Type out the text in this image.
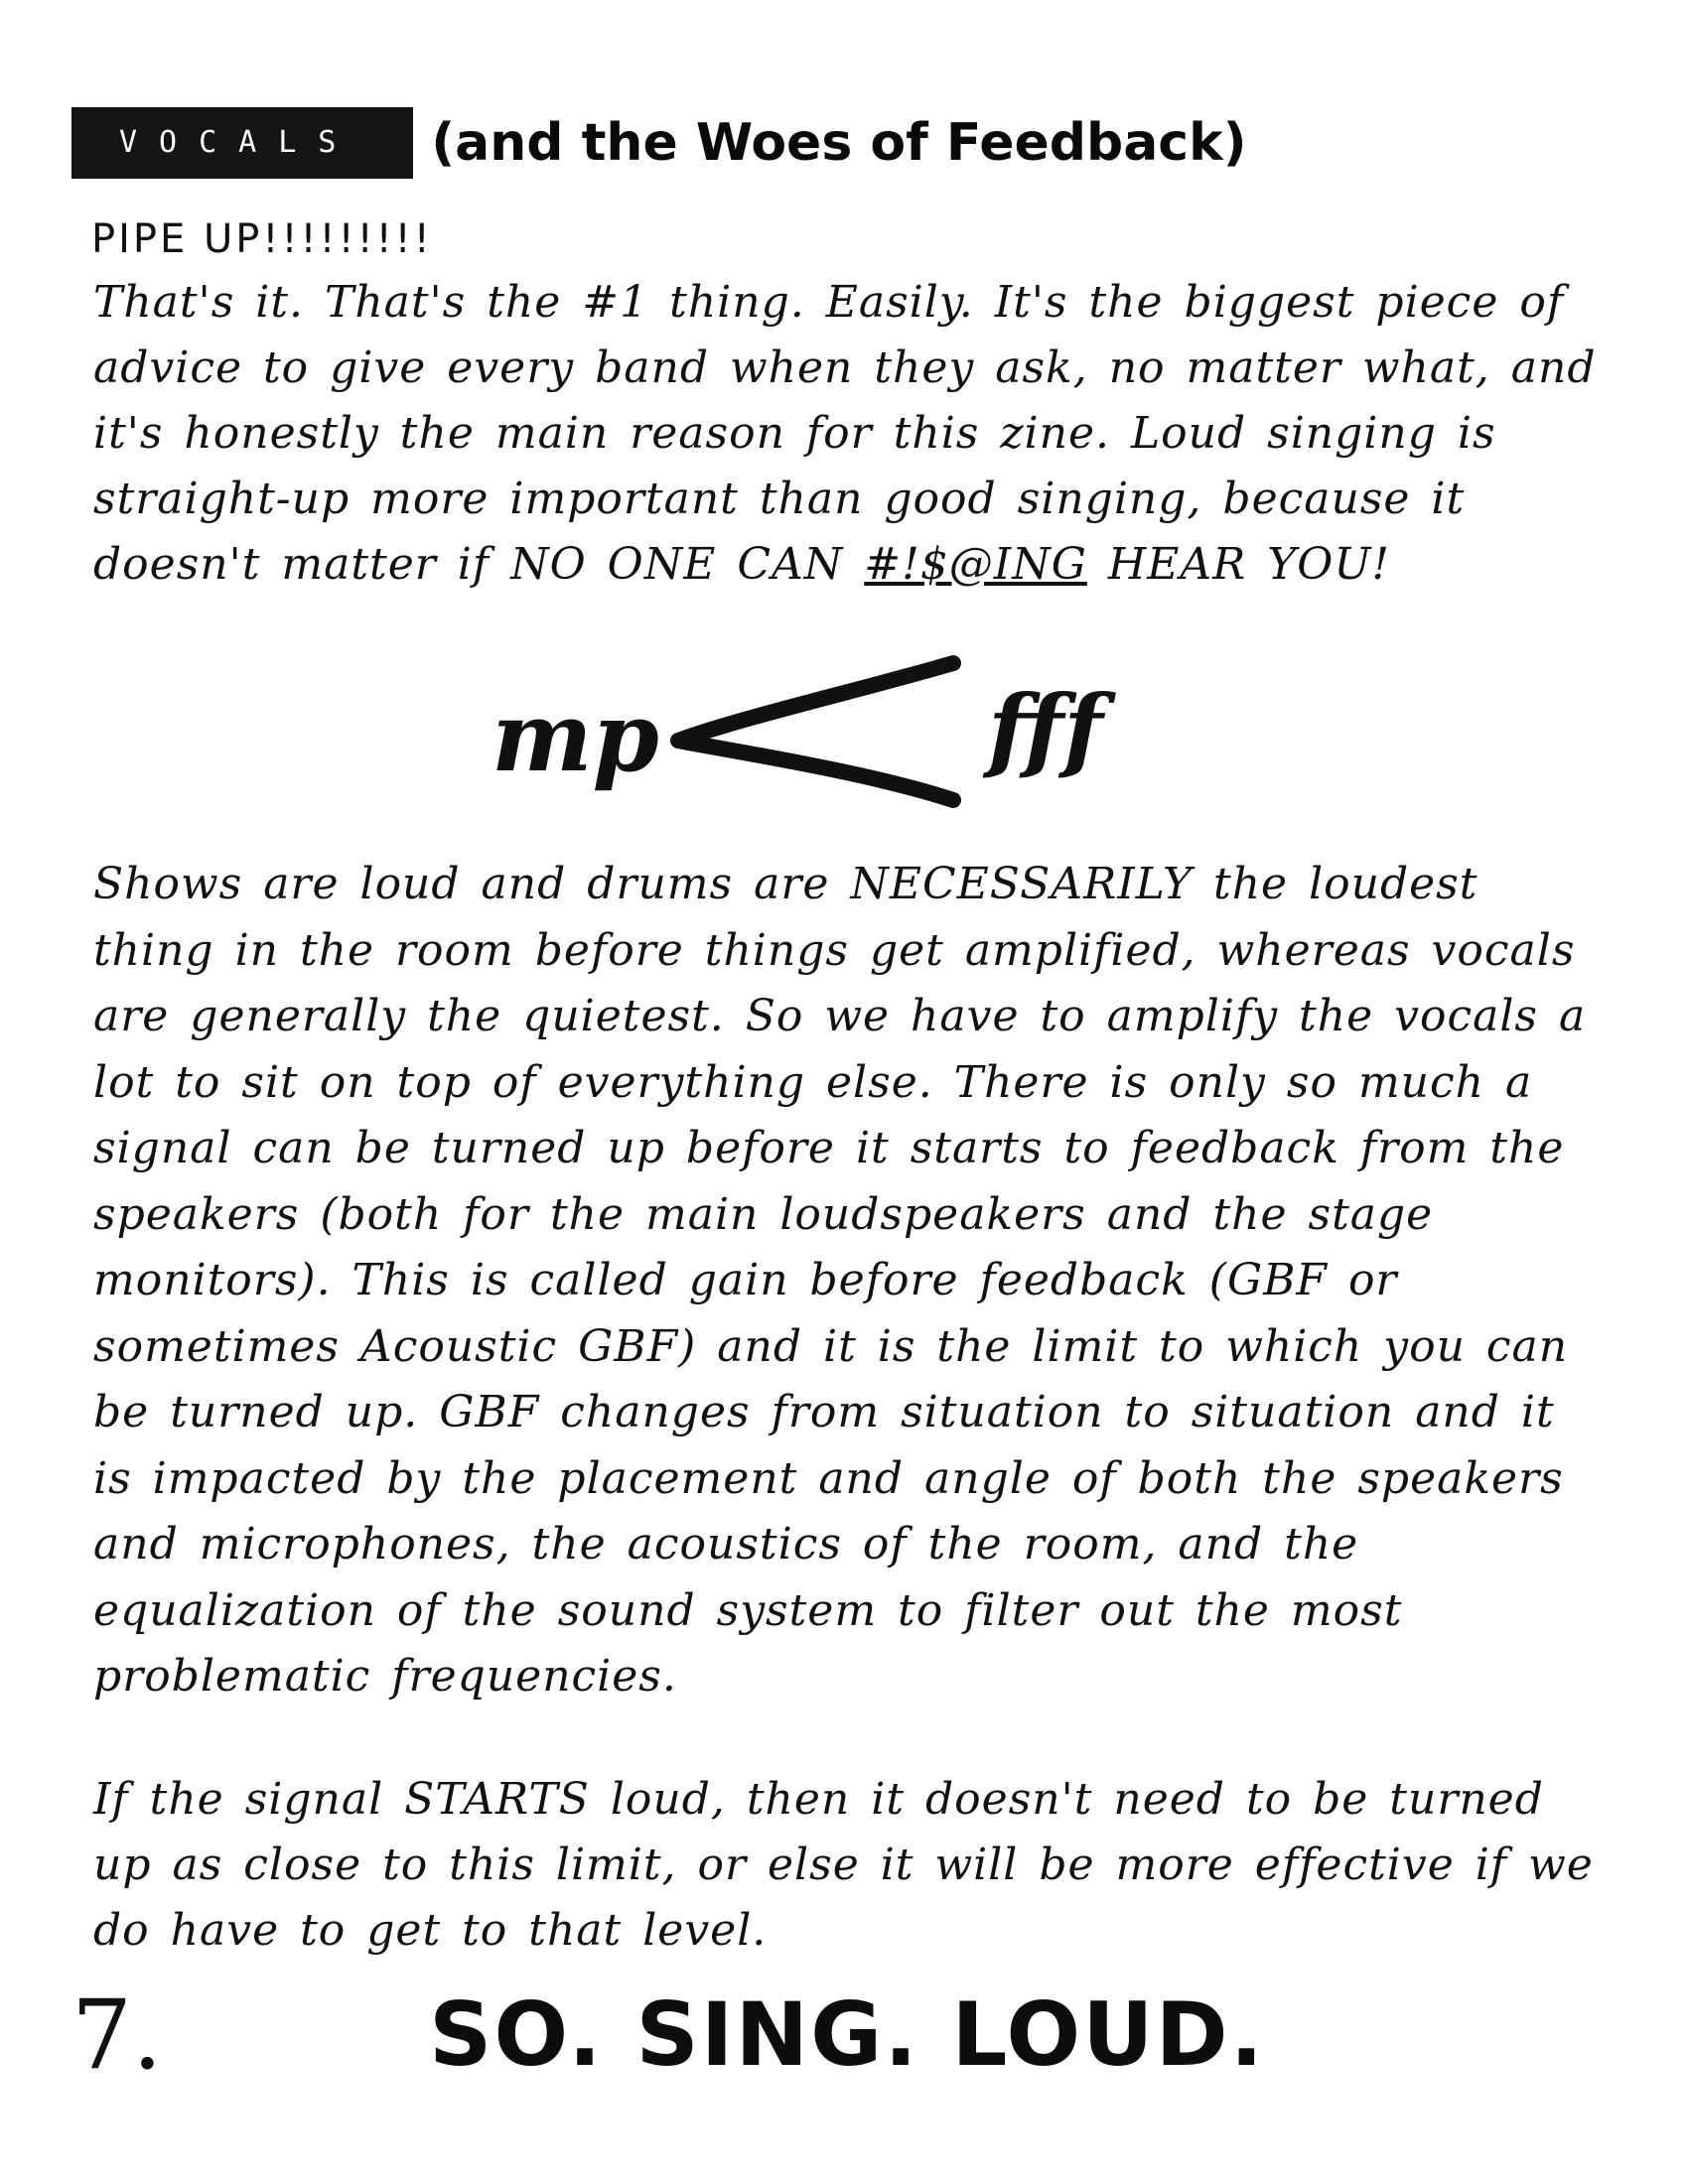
VOCALS	(and the Woes of Feedback)
PIPE UP!!!!!!!!!

That's it. That's the #1 thing. Easily. It's the biggest piece of advice to give every band when they ask, no matter what, and it's honestly the main reason for this zine. Loud singing is straight-up more important than good singing, because it doesn't matter if NO ONE CAN #!$@ING HEAR YOU!

mp	fff

Shows are loud and drums are NECESSARILY the loudest thing in the room before things get amplified, whereas vocals are generally the quietest. So we have to amplify the vocals a lot to sit on top of everything else. There is only so much a signal can be turned up before it starts to feedback from the speakers (both for the main loudspeakers and the stage monitors). This is called gain before feedback (GBF or sometimes Acoustic GBF) and it is the limit to which you can be turned up. GBF changes from situation to situation and it is impacted by the placement and angle of both the speakers and microphones, the acoustics of the room, and the equalization of the sound system to filter out the most problematic frequencies.

If the signal STARTS loud, then it doesn't need to be turned up as close to this limit, or else it will be more effective if we do have to get to that level.

7.	SO. SING. LOUD.
